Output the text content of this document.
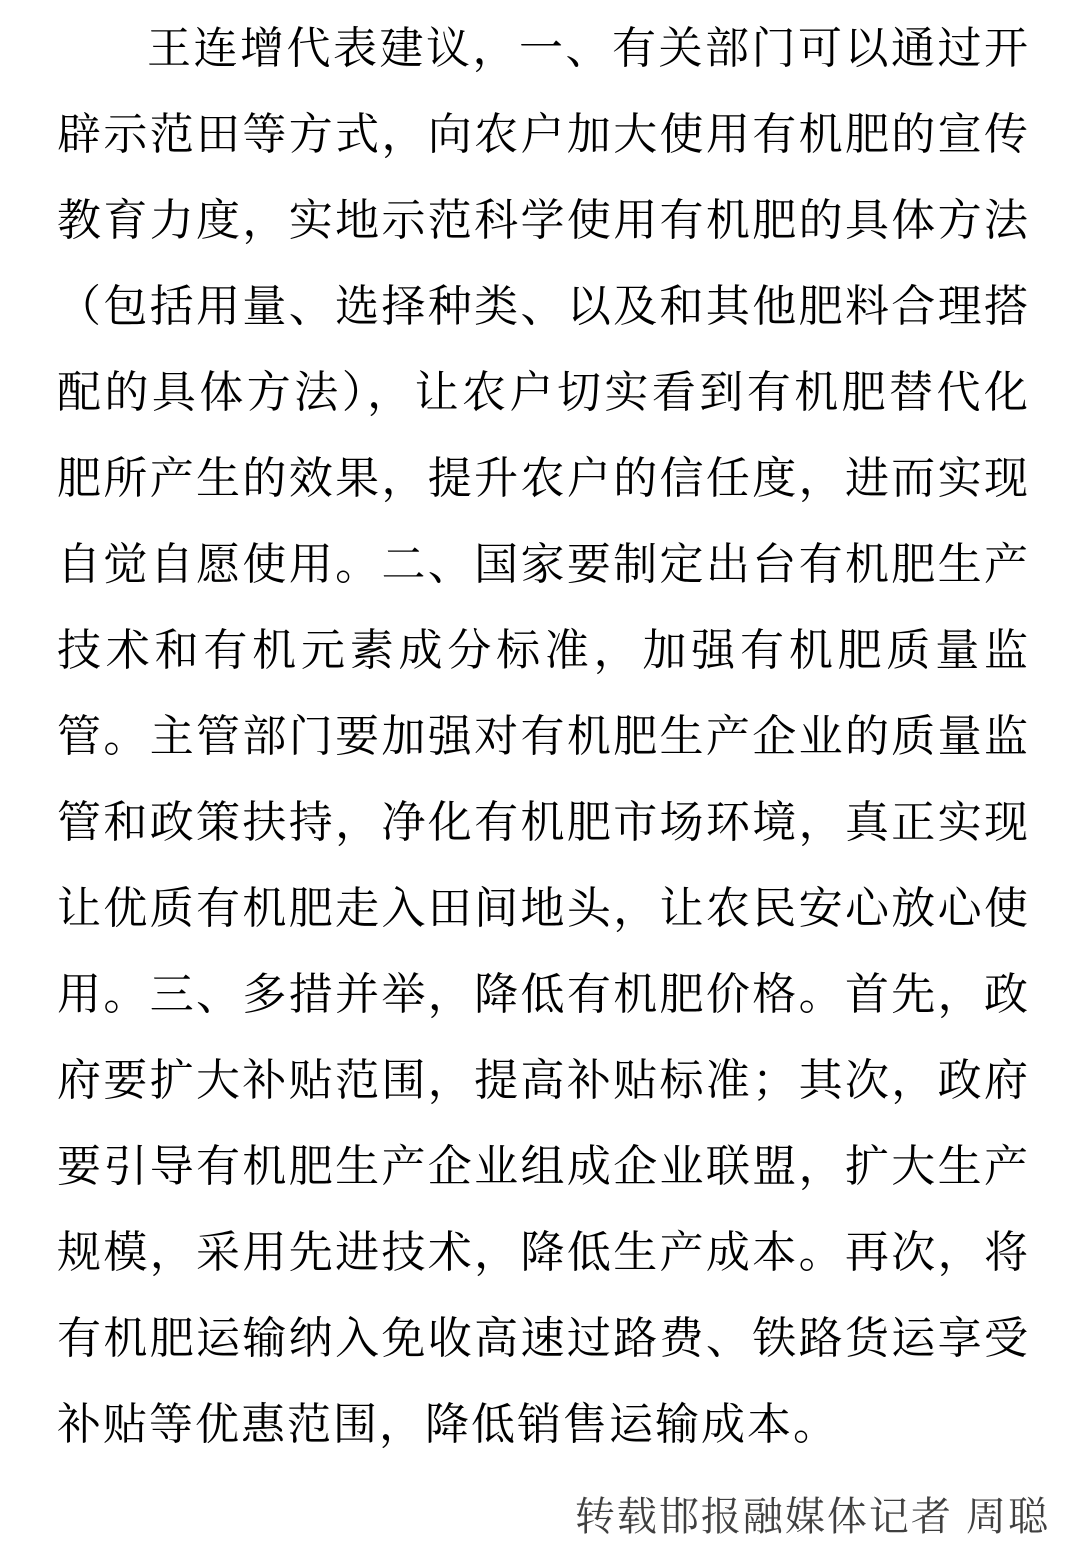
王连增代表建议，一、有关部门可以通过开
辟示范田等方式，向农户加大使用有机肥的宣传
教育力度，实地示范科学使用有机肥的具体方法
（包括用量、选择种类、以及和其他肥料合理搭
配的具体方法），让农户切实看到有机肥替代化
肥所产生的效果，提升农户的信任度，进而实现
自觉自愿使用。二、国家要制定出台有机肥生产
技术和有机元素成分标准，加强有机肥质量监
管。主管部门要加强对有机肥生产企业的质量监
管和政策扶持，净化有机肥市场环境，真正实现
让优质有机肥走入田间地头，让农民安心放心使
用。三、多措并举，降低有机肥价格。首先，政
府要扩大补贴范围，提高补贴标准；其次，政府
要引导有机肥生产企业组成企业联盟，扩大生产
规模，采用先进技术，降低生产成本。再次，将
有机肥运输纳入免收高速过路费、铁路货运享受
补贴等优惠范围，降低销售运输成本。
转载邯报融媒体记者 周聪
